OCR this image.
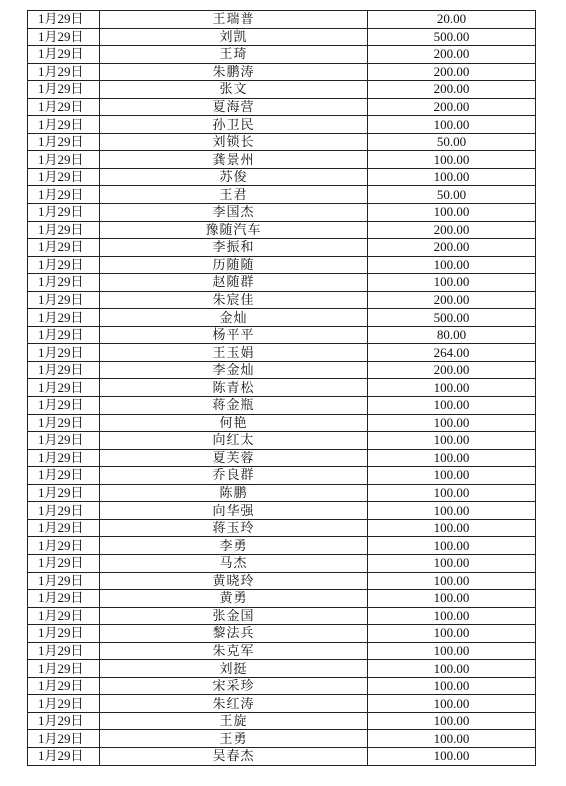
1月29日	王瑞普	20.00
1月29日	刘凯	500.00
1月29日	王琦	200.00
1月29日	朱鹏涛	200.00
1月29日	张文	200.00
1月29日	夏海营	200.00
1月29日	孙卫民	100.00
1月29日	刘锁长	50.00
1月29日	龚景州	100.00
1月29日	苏俊	100.00
1月29日	王君	50.00
1月29日	李国杰	100.00
1月29日	豫随汽车	200.00
1月29日	李振和	200.00
1月29日	历随随	100.00
1月29日	赵随群	100.00
1月29日	朱宸佳	200.00
1月29日	金灿	500.00
1月29日	杨平平	80.00
1月29日	王玉娟	264.00
1月29日	李金灿	200.00
1月29日	陈青松	100.00
1月29日	蒋金瓶	100.00
1月29日	何艳	100.00
1月29日	向红太	100.00
1月29日	夏芙蓉	100.00
1月29日	乔良群	100.00
1月29日	陈鹏	100.00
1月29日	向华强	100.00
1月29日	蒋玉玲	100.00
1月29日	李勇	100.00
1月29日	马杰	100.00
1月29日	黄晓玲	100.00
1月29日	黄勇	100.00
1月29日	张金国	100.00
1月29日	黎法兵	100.00
1月29日	朱克军	100.00
1月29日	刘挺	100.00
1月29日	宋采珍	100.00
1月29日	朱红涛	100.00
1月29日	王旋	100.00
1月29日	王勇	100.00
1月29日	吴春杰	100.00
